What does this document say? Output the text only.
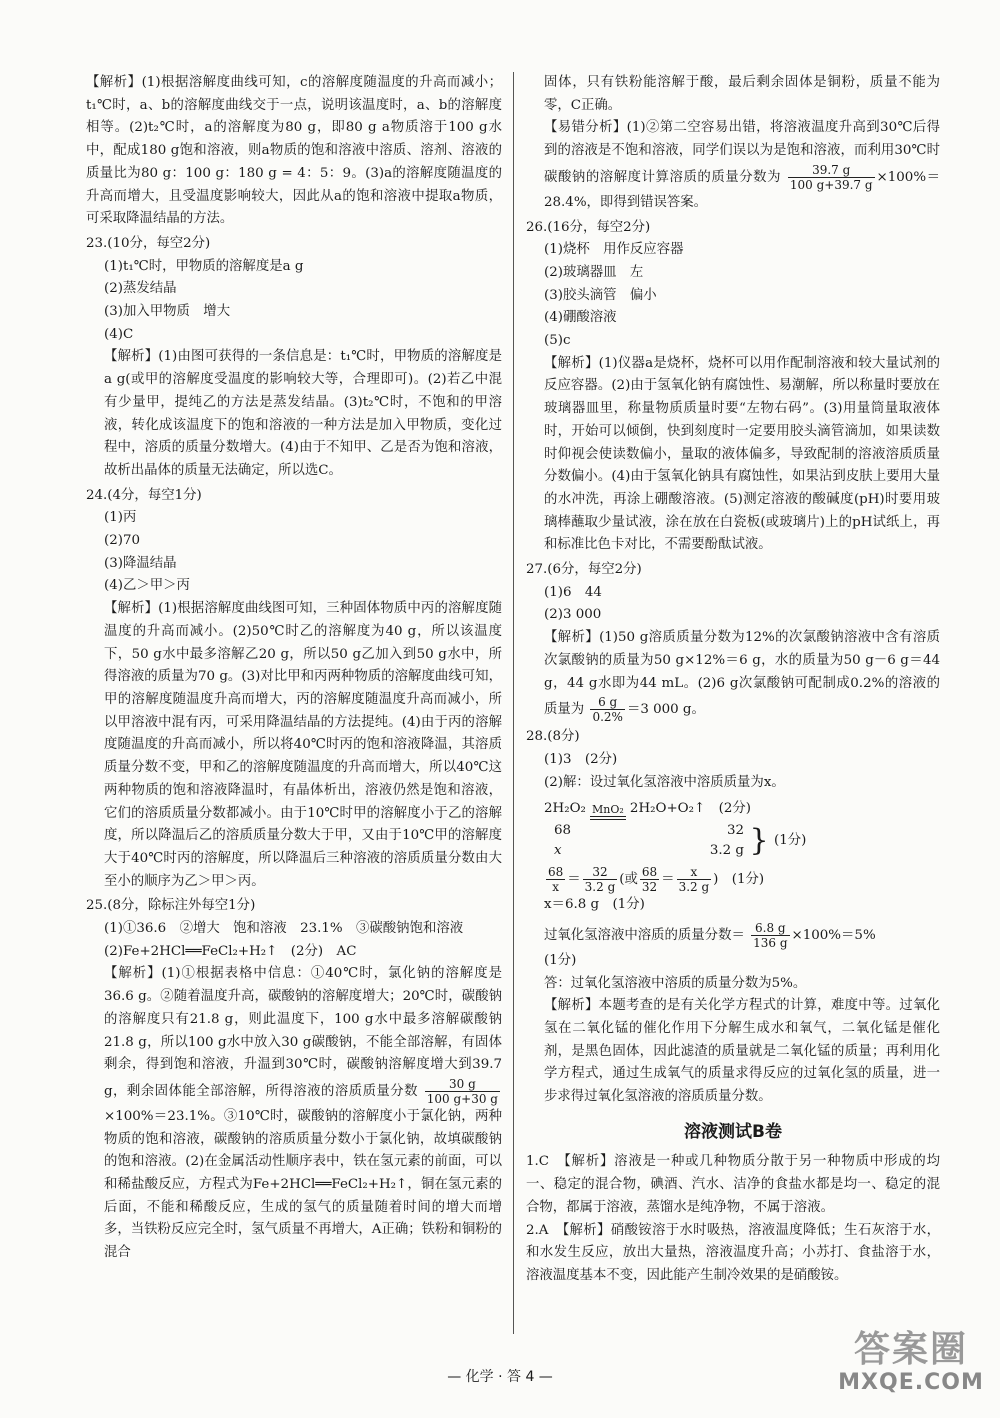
【解析】(1)根据溶解度曲线可知，c的溶解度随温度的升高而减小；t₁℃时，a、b的溶解度曲线交于一点，说明该温度时，a、b的溶解度相等。(2)t₂℃时，a的溶解度为80 g，即80 g a物质溶于100 g水中，配成180 g饱和溶液，则a物质的饱和溶液中溶质、溶剂、溶液的质量比为80 g：100 g：180 g = 4：5：9。(3)a的溶解度随温度的升高而增大，且受温度影响较大，因此从a的饱和溶液中提取a物质，可采取降温结晶的方法。

23.(10分，每空2分)

(1)t₁℃时，甲物质的溶解度是a g

(2)蒸发结晶

(3)加入甲物质　增大

(4)C

【解析】(1)由图可获得的一条信息是：t₁℃时，甲物质的溶解度是a g(或甲的溶解度受温度的影响较大等，合理即可)。(2)若乙中混有少量甲，提纯乙的方法是蒸发结晶。(3)t₂℃时，不饱和的甲溶液，转化成该温度下的饱和溶液的一种方法是加入甲物质，变化过程中，溶质的质量分数增大。(4)由于不知甲、乙是否为饱和溶液，故析出晶体的质量无法确定，所以选C。

24.(4分，每空1分)

(1)丙

(2)70

(3)降温结晶

(4)乙＞甲＞丙

【解析】(1)根据溶解度曲线图可知，三种固体物质中丙的溶解度随温度的升高而减小。(2)50℃时乙的溶解度为40 g，所以该温度下，50 g水中最多溶解乙20 g，所以50 g乙加入到50 g水中，所得溶液的质量为70 g。(3)对比甲和丙两种物质的溶解度曲线可知，甲的溶解度随温度升高而增大，丙的溶解度随温度升高而减小，所以甲溶液中混有丙，可采用降温结晶的方法提纯。(4)由于丙的溶解度随温度的升高而减小，所以将40℃时丙的饱和溶液降温，其溶质质量分数不变，甲和乙的溶解度随温度的升高而增大，所以40℃这两种物质的饱和溶液降温时，有晶体析出，溶液仍然是饱和溶液，它们的溶质质量分数都减小。由于10℃时甲的溶解度小于乙的溶解度，所以降温后乙的溶质质量分数大于甲，又由于10℃甲的溶解度大于40℃时丙的溶解度，所以降温后三种溶液的溶质质量分数由大至小的顺序为乙＞甲＞丙。

25.(8分，除标注外每空1分)

(1)①36.6　②增大　饱和溶液　23.1%　③碳酸钠饱和溶液

(2)Fe+2HCl══FeCl₂+H₂↑　(2分)　AC

【解析】(1)①根据表格中信息：①40℃时，氯化钠的溶解度是36.6 g。②随着温度升高，碳酸钠的溶解度增大；20℃时，碳酸钠的溶解度只有21.8 g，则此温度下，100 g水中最多溶解碳酸钠21.8 g，所以100 g水中放入30 g碳酸钠，不能全部溶解，有固体剩余，得到饱和溶液，升温到30℃时，碳酸钠溶解度增大到39.7 g，剩余固体能全部溶解，所得溶液的溶质质量分数 $\frac{30 g}{100 g+30 g}$
×100%＝23.1%。③10℃时，碳酸钠的溶解度小于氯化钠，两种物质的饱和溶液，碳酸钠的溶质质量分数小于氯化钠，故填碳酸钠的饱和溶液。(2)在金属活动性顺序表中，铁在氢元素的前面，可以和稀盐酸反应，方程式为Fe+2HCl══FeCl₂+H₂↑，铜在氢元素的后面，不能和稀酸反应，生成的氢气的质量随着时间的增大而增多，当铁粉反应完全时，氢气质量不再增大，A正确；铁粉和铜粉的混合

固体，只有铁粉能溶解于酸，最后剩余固体是铜粉，质量不能为零，C正确。

【易错分析】(1)②第二空容易出错，将溶液温度升高到30℃后得到的溶液是不饱和溶液，同学们误以为是饱和溶液，而利用30℃时碳酸钠的溶解度计算溶质的质量分数为 $\frac{39.7 g}{100 g+39.7 g} \times 100\%=28.4\%$，即得到错误答案。

26.(16分，每空2分)

(1)烧杯　用作反应容器

(2)玻璃器皿　左

(3)胶头滴管　偏小

(4)硼酸溶液

(5)c

【解析】(1)仪器a是烧杯，烧杯可以用作配制溶液和较大量试剂的反应容器。(2)由于氢氧化钠有腐蚀性、易潮解，所以称量时要放在玻璃器皿里，称量物质质量时要“左物右码”。(3)用量筒量取液体时，开始可以倾倒，快到刻度时一定要用胶头滴管滴加，如果读数时仰视会使读数偏小，量取的液体偏多，导致配制的溶液溶质质量分数偏小。(4)由于氢氧化钠具有腐蚀性，如果沾到皮肤上要用大量的水冲洗，再涂上硼酸溶液。(5)测定溶液的酸碱度(pH)时要用玻璃棒蘸取少量试液，涂在放在白瓷板(或玻璃片)上的pH试纸上，再和标准比色卡对比，不需要酚酞试液。

27.(6分，每空2分)

(1)6　44

(2)3 000

【解析】(1)50 g溶质质量分数为12%的次氯酸钠溶液中含有溶质次氯酸钠的质量为50 g×12%＝6 g，水的质量为50 g－6 g＝44 g，44 g水即为44 mL。(2)6 g次氯酸钠可配制成0.2%的溶液的质量为 $\frac{6 g}{0.2\%} =3$ 000 g。

28.(8分)

(1)3　(2分)

(2)解：设过氧化氢溶液中溶质质量为x。

2H₂O₂ MnO₂ 2H₂O+O₂↑　(2分)
68	32 } (1分)
x	3.2 g
$\frac{68}{x} = \frac{32}{3.2 g}$ (或 $\frac{68}{32} = \frac{x}{3.2 g}$ )　(1分)
x＝6.8 g　(1分)

过氧化氢溶液中溶质的质量分数＝ $\frac{6.8 g}{136 g} \times 100\%=5\%$

(1分)

答：过氧化氢溶液中溶质的质量分数为5%。

【解析】本题考查的是有关化学方程式的计算，难度中等。过氧化氢在二氧化锰的催化作用下分解生成水和氧气，二氧化锰是催化剂，是黑色固体，因此滤渣的质量就是二氧化锰的质量；再利用化学方程式，通过生成氧气的质量求得反应的过氧化氢的质量，进一步求得过氧化氢溶液的溶质质量分数。

溶液测试B卷

1.C　【解析】溶液是一种或几种物质分散于另一种物质中形成的均一、稳定的混合物，碘酒、汽水、洁净的食盐水都是均一、稳定的混合物，都属于溶液，蒸馏水是纯净物，不属于溶液。

2.A　【解析】硝酸铵溶于水时吸热，溶液温度降低；生石灰溶于水，和水发生反应，放出大量热，溶液温度升高；小苏打、食盐溶于水，溶液温度基本不变，因此能产生制冷效果的是硝酸铵。

— 化学 · 答 4 —
答案圈
MXQE.COM
